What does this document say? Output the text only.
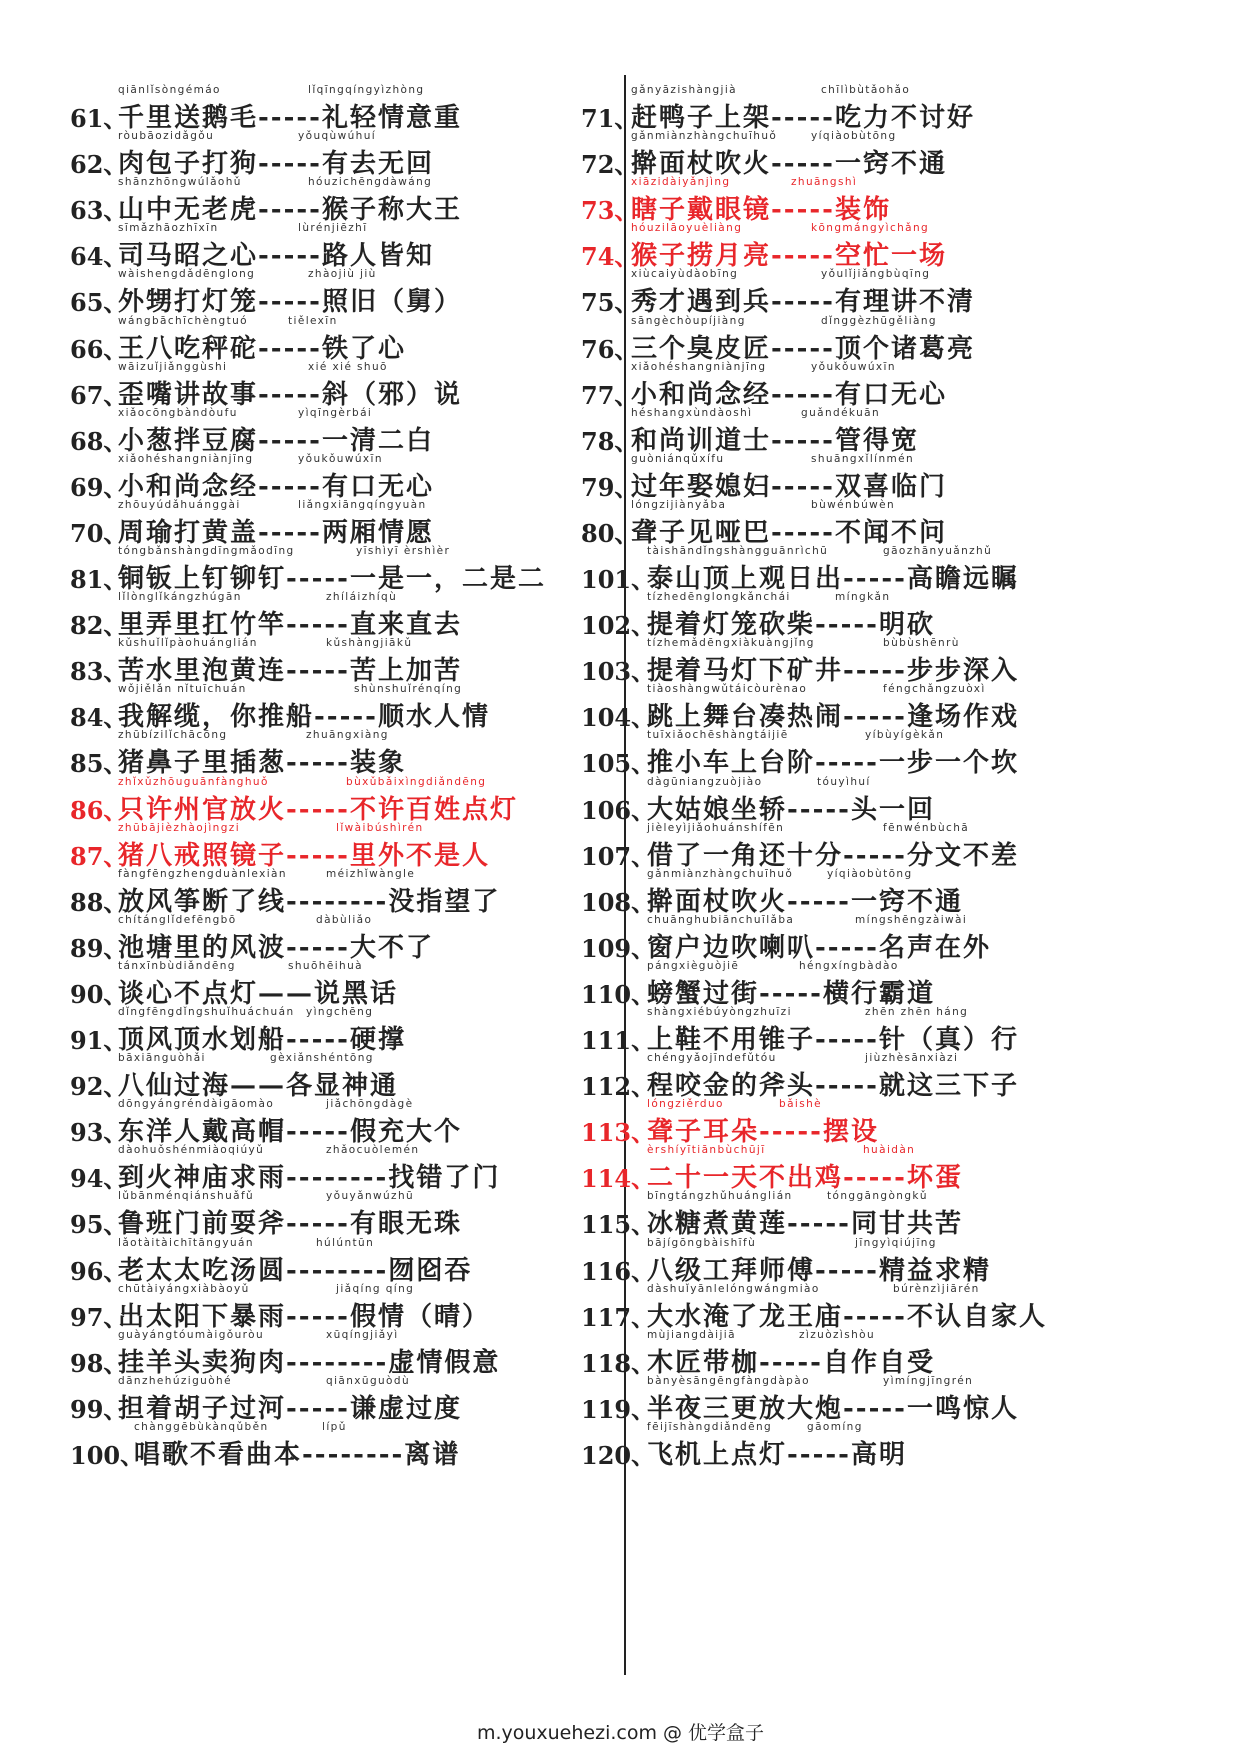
qiānlǐsòngémáo	lǐqīngqíngyìzhòng
61、
千里送鹅毛-----礼轻情意重
ròubāozidǎgǒu	yǒuqùwúhuí
62、
肉包子打狗-----有去无回
shānzhōngwúlǎohǔ	hóuzichēngdàwáng
63、
山中无老虎-----猴子称大王
sīmǎzhāozhīxīn	lùrénjiēzhī
64、
司马昭之心-----路人皆知
wàishengdǎdēnglong	zhàojiù jiù
65、
外甥打灯笼-----照旧（舅）
wángbāchīchèngtuó	tiělexīn
66、
王八吃秤砣-----铁了心
wāizuǐjiǎnggùshi	xié xié shuō
67、
歪嘴讲故事-----斜（邪）说
xiǎocōngbàndòufu	yìqīngèrbái
68、
小葱拌豆腐-----一清二白
xiǎohéshangniànjīng	yǒukǒuwúxīn
69、
小和尚念经-----有口无心
zhōuyúdǎhuánggài	liǎngxiāngqíngyuàn
70、
周瑜打黄盖-----两厢情愿
tóngbǎnshàngdīngmǎodīng	yīshìyī èrshìèr
81、
铜钣上钉铆钉-----一是一，二是二
lǐlònglǐkángzhúgān	zhíláizhíqù
82、
里弄里扛竹竿-----直来直去
kǔshuǐlǐpàohuánglián	kǔshàngjiākǔ
83、
苦水里泡黄连-----苦上加苦
wǒjiělǎn nǐtuīchuán	shùnshuǐrénqíng
84、
我解缆，你推船-----顺水人情
zhūbízilǐchācōng	zhuāngxiàng
85、
猪鼻子里插葱-----装象
zhǐxǔzhōuguānfànghuǒ	bùxǔbǎixìngdiǎndēng
86、
只许州官放火-----不许百姓点灯
zhūbājièzhàojìngzi	lǐwàibúshìrén
87、
猪八戒照镜子-----里外不是人
fàngfēngzhengduànlexiàn	méizhǐwàngle
88、
放风筝断了线--------没指望了
chítánglǐdefēngbō	dàbùliǎo
89、
池塘里的风波-----大不了
tánxīnbùdiǎndēng	shuōhēihuà
90、
谈心不点灯——说黑话
dǐngfēngdǐngshuǐhuáchuán yìngchēng
91、
顶风顶水划船-----硬撑
bāxiānguòhǎi	gèxiǎnshéntōng
92、
八仙过海——各显神通
dōngyángréndàigāomào	jiǎchōngdàgè
93、
东洋人戴高帽-----假充大个
dàohuǒshénmiàoqiúyǔ	zhǎocuòlemén
94、
到火神庙求雨--------找错了门
lǔbānménqiánshuǎfǔ	yǒuyǎnwúzhū
95、
鲁班门前耍斧-----有眼无珠
lǎotàitàichītāngyuán	húlúntūn
96、
老太太吃汤圆--------囫囵吞
chūtàiyángxiàbàoyǔ	jiǎqíng qíng
97、
出太阳下暴雨-----假情（晴）
guàyángtóumàigǒuròu	xūqíngjiǎyì
98、
挂羊头卖狗肉--------虚情假意
dānzhehúziguòhé	qiānxūguòdù
99、
担着胡子过河-----谦虚过度
chànggēbùkànqǔběn	lípǔ
100、
唱歌不看曲本--------离谱
gǎnyāzishàngjià	chīlìbùtǎohǎo
71、
赶鸭子上架-----吃力不讨好
gǎnmiànzhàngchuīhuǒ	yíqiàobùtōng
72、
擀面杖吹火-----一窍不通
xiāzidàiyǎnjìng	zhuāngshì
73、
瞎子戴眼镜-----装饰
hóuzilāoyuèliàng	kōngmángyìchǎng
74、
猴子捞月亮-----空忙一场
xiùcaiyùdàobīng	yǒulǐjiǎngbùqīng
75、
秀才遇到兵-----有理讲不清
sāngèchòupíjiàng	dǐnggèzhūgěliàng
76、
三个臭皮匠-----顶个诸葛亮
xiǎohéshangniànjīng	yǒukǒuwúxīn
77、
小和尚念经-----有口无心
héshangxùndàoshì	guǎndékuān
78、
和尚训道士-----管得宽
guòniánqǔxífu	shuāngxǐlínmén
79、
过年娶媳妇-----双喜临门
lóngzijiànyǎba	bùwénbúwèn
80、
聋子见哑巴-----不闻不问
tàishāndǐngshàngguānrìchū	gāozhānyuǎnzhǔ
101、
泰山顶上观日出-----高瞻远瞩
tízhedēnglongkǎnchái	míngkǎn
102、
提着灯笼砍柴-----明砍
tízhemǎdēngxiàkuàngjǐng	bùbùshēnrù
103、
提着马灯下矿井-----步步深入
tiàoshàngwǔtáicòurènao	féngchǎngzuòxì
104、
跳上舞台凑热闹-----逢场作戏
tuīxiǎochēshàngtáijiē	yíbùyígèkǎn
105、
推小车上台阶-----一步一个坎
dàgūniangzuòjiào	tóuyìhuí
106、
大姑娘坐轿-----头一回
jièleyìjiǎohuánshífēn	fēnwénbùchā
107、
借了一角还十分-----分文不差
gǎnmiànzhàngchuīhuǒ	yíqiàobùtōng
108、
擀面杖吹火-----一窍不通
chuānghubiānchuīlǎba	míngshēngzàiwài
109、
窗户边吹喇叭-----名声在外
pángxièguòjiē	héngxíngbàdào
110、
螃蟹过街-----横行霸道
shàngxiébúyòngzhuīzi	zhēn zhēn háng
111、
上鞋不用锥子-----针（真）行
chéngyǎojīndefǔtóu	jiùzhèsānxiàzi
112、
程咬金的斧头-----就这三下子
lóngziěrduo	bǎishè
113、
聋子耳朵-----摆设
èrshíyītiānbùchūjī	huàidàn
114、
二十一天不出鸡-----坏蛋
bīngtángzhǔhuánglián	tónggāngòngkǔ
115、
冰糖煮黄莲-----同甘共苦
bājígōngbàishīfù	jīngyìqiújīng
116、
八级工拜师傅-----精益求精
dàshuǐyānlelóngwángmiào	búrènzìjiārén
117、
大水淹了龙王庙-----不认自家人
mùjiangdàijiā	zìzuòzìshòu
118、
木匠带枷-----自作自受
bànyèsāngēngfàngdàpào	yìmíngjīngrén
119、
半夜三更放大炮-----一鸣惊人
fēijīshàngdiǎndēng	gāomíng
120、
飞机上点灯-----高明
m.youxuehezi.com @ 优学盒子
